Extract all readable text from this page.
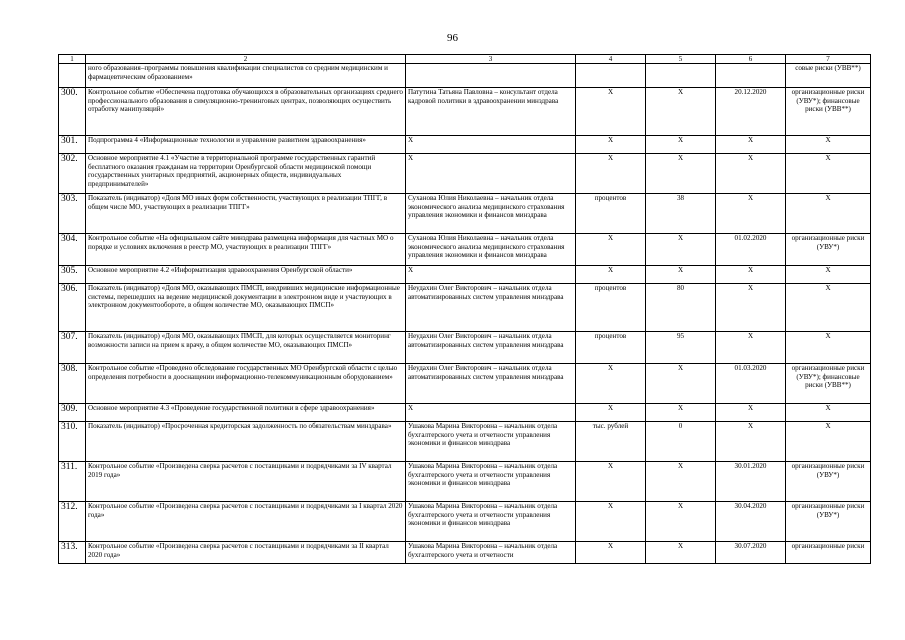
96
1	2	3	4	5	6	7
	ного образования–программы повышения квалификации специалистов со средним медицинским и фармацевтическим образованием»					совые риски (УВВ**)
300.	Контрольное событие «Обеспечена подготовка обучающихся в образовательных организациях среднего профессионального образования в симуляционно-тренинговых центрах, позволяющих осуществить отработку манипуляций»	Патутина Татьяна Павловна – консультант отдела кадровой политики в здравоохранении минздрава	X	X	20.12.2020	организационные риски (УВУ*); финансовые риски (УВВ**)
301.	Подпрограмма 4 «Информационные технологии и управление развитием здравоохранения»	X	X	X	X	X
302.	Основное мероприятие 4.1 «Участие в территориальной программе государственных гарантий бесплатного оказания гражданам на территории Оренбургской области медицинской помощи государственных унитарных предприятий, акционерных обществ, индивидуальных предпринимателей»	X	X	X	X	X
303.	Показатель (индикатор) «Доля МО иных форм собственности, участвующих в реализации ТПГГ, в общем числе МО, участвующих в реализации ТПГГ»	Суханова Юлия Николаевна – начальник отдела экономического анализа медицинского страхования управления экономики и финансов минздрава	процентов	38	X	X
304.	Контрольное событие «На официальном сайте минздрава размещена информация для частных МО о порядке и условиях включения в реестр МО, участвующих в реализации ТПГГ»	Суханова Юлия Николаевна – начальник отдела экономического анализа медицинского страхования управления экономики и финансов минздрава	X	X	01.02.2020	организационные риски (УВУ*)
305.	Основное мероприятие 4.2 «Информатизация здравоохранения Оренбургской области»	X	X	X	X	X
306.	Показатель (индикатор) «Доля МО, оказывающих ПМСП, внедривших медицинские информационные системы, перешедших на ведение медицинской документации в электронном виде и участвующих в электронном документообороте, в общем количестве МО, оказывающих ПМСП»	Неудахин Олег Викторович – начальник отдела автоматизированных систем управления минздрава	процентов	80	X	X
307.	Показатель (индикатор) «Доля МО, оказывающих ПМСП, для которых осуществляется мониторинг возможности записи на прием к врачу, в общем количестве МО, оказывающих ПМСП»	Неудахин Олег Викторович – начальник отдела автоматизированных систем управления минздрава	процентов	95	X	X
308.	Контрольное событие «Проведено обследование государственных МО Оренбургской области с целью определения потребности в дооснащении информационно-телекоммуникационным оборудованием»	Неудахин Олег Викторович – начальник отдела автоматизированных систем управления минздрава	X	X	01.03.2020	организационные риски (УВУ*); финансовые риски (УВВ**)
309.	Основное мероприятие 4.3 «Проведение государственной политики в сфере здравоохранения»	X	X	X	X	X
310.	Показатель (индикатор) «Просроченная кредиторская задолженность по обязательствам минздрава»	Ушакова Марина Викторовна – начальник отдела бухгалтерского учета и отчетности управления экономики и финансов минздрава	тыс. рублей	0	X	X
311.	Контрольное событие «Произведена сверка расчетов с поставщиками и подрядчиками за IV квартал 2019 года»	Ушакова Марина Викторовна – начальник отдела бухгалтерского учета и отчетности управления экономики и финансов минздрава	X	X	30.01.2020	организационные риски (УВУ*)
312.	Контрольное событие «Произведена сверка расчетов с поставщиками и подрядчиками за I квартал 2020 года»	Ушакова Марина Викторовна – начальник отдела бухгалтерского учета и отчетности управления экономики и финансов минздрава	X	X	30.04.2020	организационные риски (УВУ*)
313.	Контрольное событие «Произведена сверка расчетов с поставщиками и подрядчиками за II квартал 2020 года»	Ушакова Марина Викторовна – начальник отдела бухгалтерского учета и отчетности	X	X	30.07.2020	организационные риски
